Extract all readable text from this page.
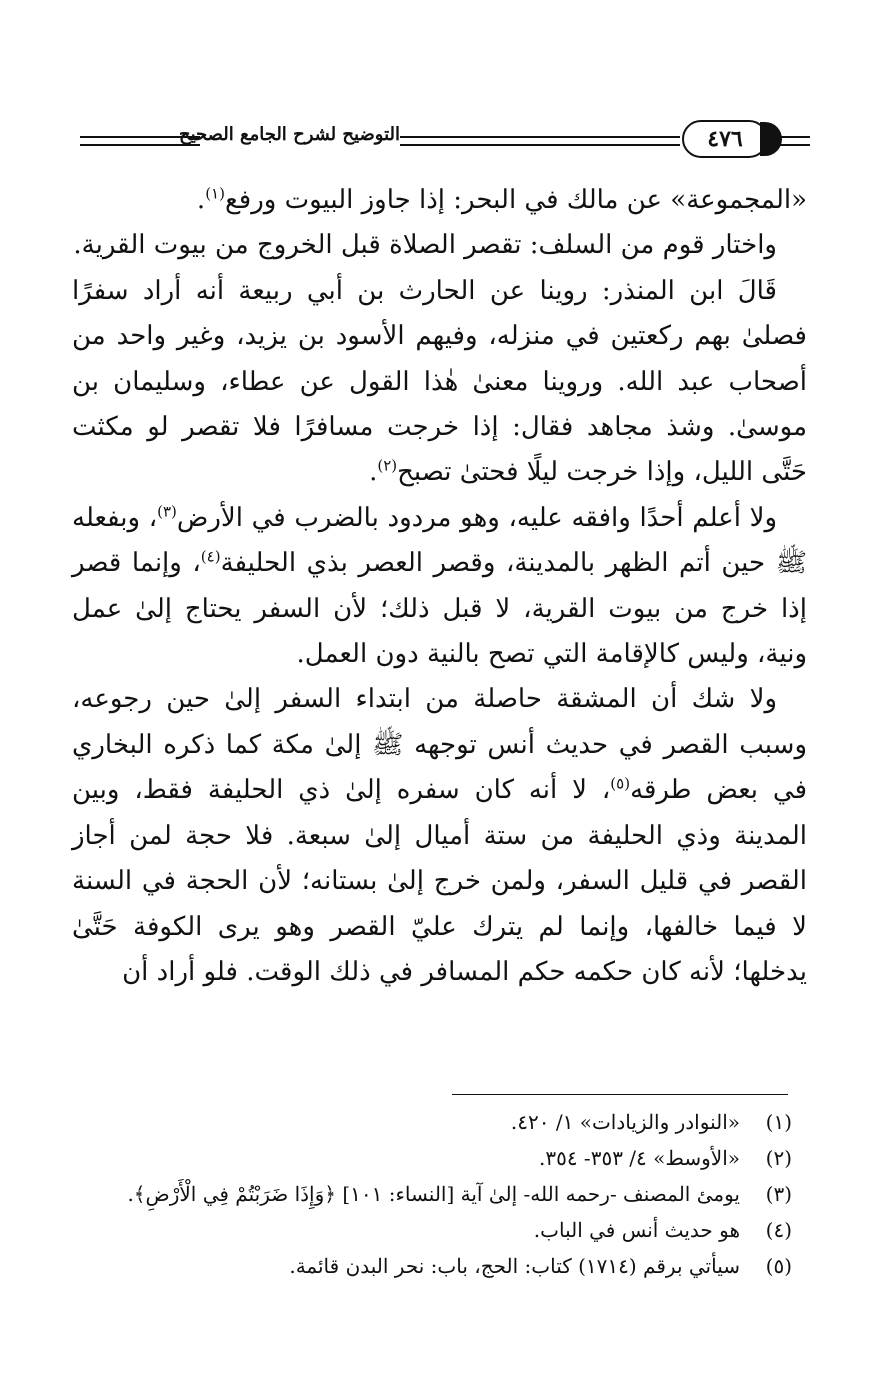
التوضيح لشرح الجامع الصحيح	٤٧٦

«المجموعة» عن مالك في البحر: إذا جاوز البيوت ورفع$^{(١)}$.

واختار قوم من السلف: تقصر الصلاة قبل الخروج من بيوت القرية.

قَالَ ابن المنذر: روينا عن الحارث بن أبي ربيعة أنه أراد سفرًا فصلىٰ بهم ركعتين في منزله، وفيهم الأسود بن يزيد، وغير واحد من أصحاب عبد الله. وروينا معنىٰ هٰذا القول عن عطاء، وسليمان بن موسىٰ. وشذ مجاهد فقال: إذا خرجت مسافرًا فلا تقصر لو مكثت حَتَّى الليل، وإذا خرجت ليلًا فحتىٰ تصبح$^{(٢)}$.

ولا أعلم أحدًا وافقه عليه، وهو مردود بالضرب في الأرض$^{(٣)}$، وبفعله ﷺ حين أتم الظهر بالمدينة، وقصر العصر بذي الحليفة$^{(٤)}$، وإنما قصر إذا خرج من بيوت القرية، لا قبل ذلك؛ لأن السفر يحتاج إلىٰ عمل ونية، وليس كالإقامة التي تصح بالنية دون العمل.

ولا شك أن المشقة حاصلة من ابتداء السفر إلىٰ حين رجوعه، وسبب القصر في حديث أنس توجهه ﷺ إلىٰ مكة كما ذكره البخاري في بعض طرقه$^{(٥)}$، لا أنه كان سفره إلىٰ ذي الحليفة فقط، وبين المدينة وذي الحليفة من ستة أميال إلىٰ سبعة. فلا حجة لمن أجاز القصر في قليل السفر، ولمن خرج إلىٰ بستانه؛ لأن الحجة في السنة لا فيما خالفها، وإنما لم يترك عليّ القصر وهو يرى الكوفة حَتَّىٰ يدخلها؛ لأنه كان حكمه حكم المسافر في ذلك الوقت. فلو أراد أن

(١)
«النوادر والزيادات» ١/ ٤٢٠.
(٢)
«الأوسط» ٤/ ٣٥٣- ٣٥٤.
(٣)
يومئ المصنف -رحمه الله- إلىٰ آية [النساء: ١٠١] ﴿وَإِذَا ضَرَبْتُمْ فِي الْأَرْضِ﴾.
(٤)
هو حديث أنس في الباب.
(٥)
سيأتي برقم (١٧١٤) كتاب: الحج، باب: نحر البدن قائمة.
